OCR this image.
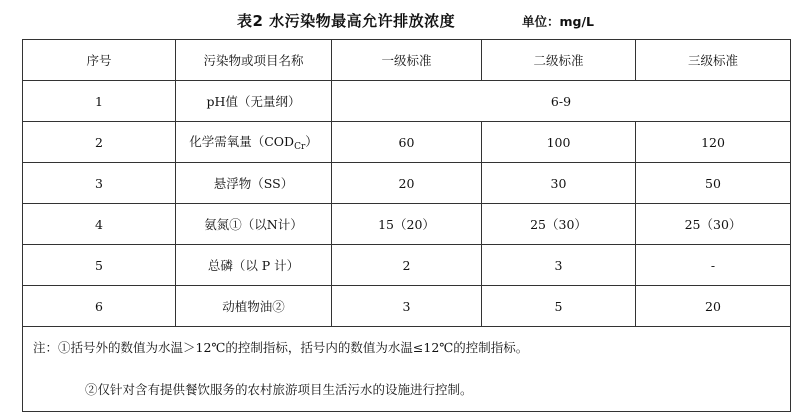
表2 水污染物最高允许排放浓度	单位：mg/L
序号	污染物或项目名称	一级标准	二级标准	三级标准
1	pH值（无量纲）	6-9		
2	化学需氧量$(COD_{Cr})$	60	100	120
3	悬浮物（SS）	20	30	50
4	氨氮①（以N计）	15（20）	25（30）	25（30）
5	总磷（以 P 计）	2	3	-
6	动植物油②	3	5	20

注：①括号外的数值为水温＞12℃的控制指标，括号内的数值为水温≤12℃的控制指标。
②仅针对含有提供餐饮服务的农村旅游项目生活污水的设施进行控制。				
